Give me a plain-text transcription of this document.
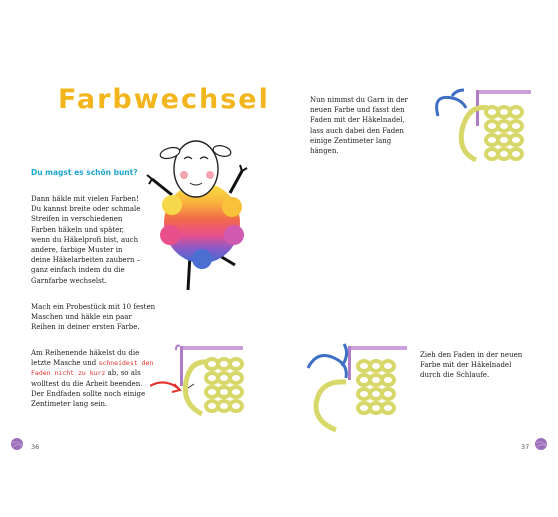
Farbwechsel
Du magst es schön bunt?
Dann häkle mit vielen Farben! Du kannst breite oder schmale Streifen in verschiedenen Farben häkeln und später, wenn du Häkelprofi bist, auch andere, farbige Muster in deine Häkelarbeiten zaubern – ganz einfach indem du die Garnfarbe wechselst.
Mach ein Probestück mit 10 festen Maschen und häkle ein paar Reihen in deiner ersten Farbe.
Am Reihenende häkelst du die letzte Masche und schneidest den Faden nicht zu kurz ab, so als wolltest du die Arbeit beenden. Der Endfaden sollte noch einige Zentimeter lang sein.
36
Nun nimmst du Garn in der neuen Farbe und fasst den Faden mit der Häkelnadel, lass auch dabei den Faden einige Zentimeter lang hängen.
Zieh den Faden in der neuen Farbe mit der Häkelnadel durch die Schlaufe.
37
